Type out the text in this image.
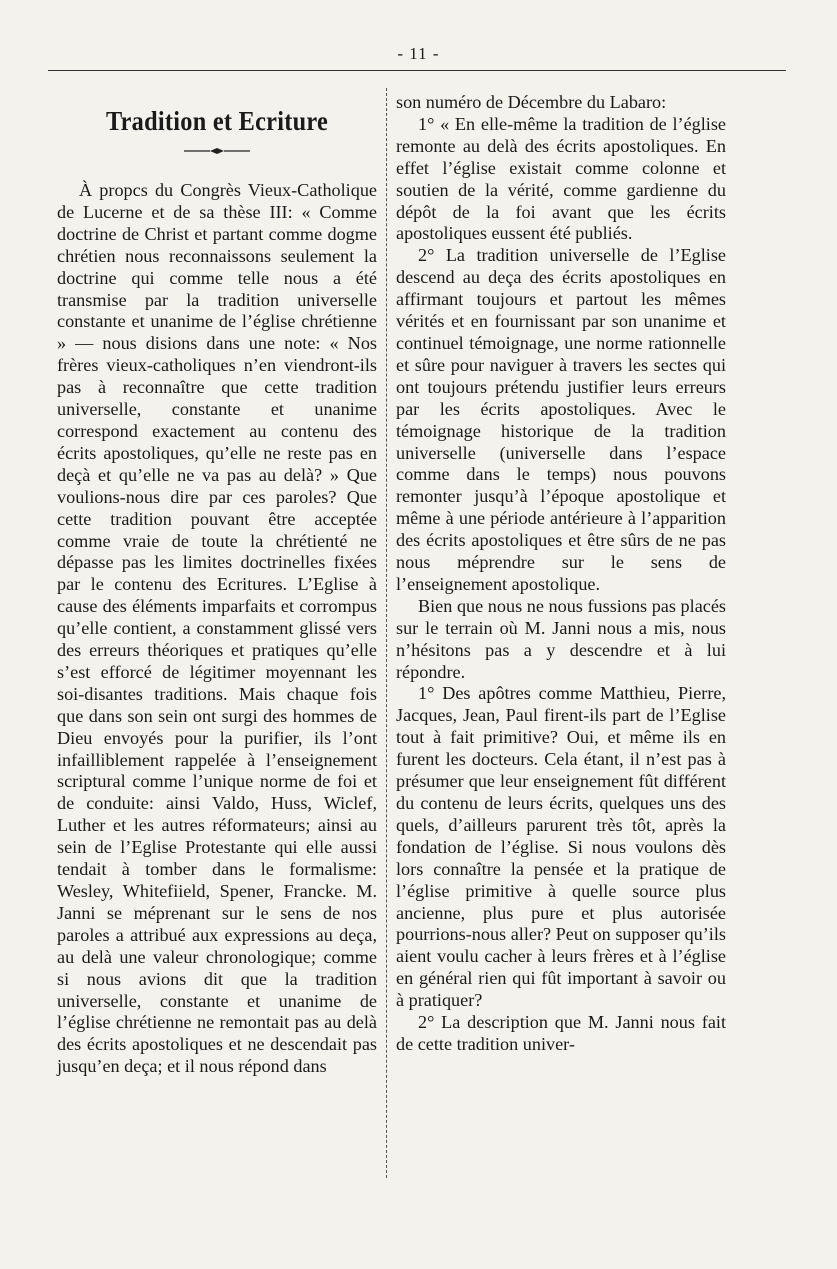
- 11 -

Tradition et Ecriture

À propcs du Congrès Vieux-Catholique de Lucerne et de sa thèse III: « Comme doctrine de Christ et partant comme dogme chrétien nous reconnaissons seulement la doctrine qui comme telle nous a été transmise par la tradition universelle constante et unanime de l’église chrétienne » — nous disions dans une note: « Nos frères vieux-catholiques n’en viendront-ils pas à reconnaître que cette tradition universelle, constante et unanime correspond exactement au contenu des écrits apostoliques, qu’elle ne reste pas en deçà et qu’elle ne va pas au delà? » Que voulions-nous dire par ces paroles? Que cette tradition pouvant être acceptée comme vraie de toute la chrétienté ne dépasse pas les limites doctrinelles fixées par le contenu des Ecritures. L’Eglise à cause des éléments imparfaits et corrompus qu’elle contient, a constamment glissé vers des erreurs théoriques et pratiques qu’elle s’est efforcé de légitimer moyennant les soi-disantes traditions. Mais chaque fois que dans son sein ont surgi des hommes de Dieu envoyés pour la purifier, ils l’ont infailliblement rappelée à l’enseignement scriptural comme l’unique norme de foi et de conduite: ainsi Valdo, Huss, Wiclef, Luther et les autres réformateurs; ainsi au sein de l’Eglise Protestante qui elle aussi tendait à tomber dans le formalisme: Wesley, Whitefiield, Spener, Francke. M. Janni se méprenant sur le sens de nos paroles a attribué aux expressions au deça, au delà une valeur chronologique; comme si nous avions dit que la tradition universelle, constante et unanime de l’église chrétienne ne remontait pas au delà des écrits apostoliques et ne descendait pas jusqu’en deça; et il nous répond dans

son numéro de Décembre du Labaro:

1° « En elle-même la tradition de l’église remonte au delà des écrits apostoliques. En effet l’église existait comme colonne et soutien de la vérité, comme gardienne du dépôt de la foi avant que les écrits apostoliques eussent été publiés.

2° La tradition universelle de l’Eglise descend au deça des écrits apostoliques en affirmant toujours et partout les mêmes vérités et en fournissant par son unanime et continuel témoignage, une norme rationnelle et sûre pour naviguer à travers les sectes qui ont toujours prétendu justifier leurs erreurs par les écrits apostoliques. Avec le témoignage historique de la tradition universelle (universelle dans l’espace comme dans le temps) nous pouvons remonter jusqu’à l’époque apostolique et même à une période antérieure à l’apparition des écrits apostoliques et être sûrs de ne pas nous méprendre sur le sens de l’enseignement apostolique.

Bien que nous ne nous fussions pas placés sur le terrain où M. Janni nous a mis, nous n’hésitons pas a y descendre et à lui répondre.

1° Des apôtres comme Matthieu, Pierre, Jacques, Jean, Paul firent-ils part de l’Eglise tout à fait primitive? Oui, et même ils en furent les docteurs. Cela étant, il n’est pas à présumer que leur enseignement fût différent du contenu de leurs écrits, quelques uns des quels, d’ailleurs parurent très tôt, après la fondation de l’église. Si nous voulons dès lors connaître la pensée et la pratique de l’église primitive à quelle source plus ancienne, plus pure et plus autorisée pourrions-nous aller? Peut on supposer qu’ils aient voulu cacher à leurs frères et à l’église en général rien qui fût important à savoir ou à pratiquer?

2° La description que M. Janni nous fait de cette tradition univer-
